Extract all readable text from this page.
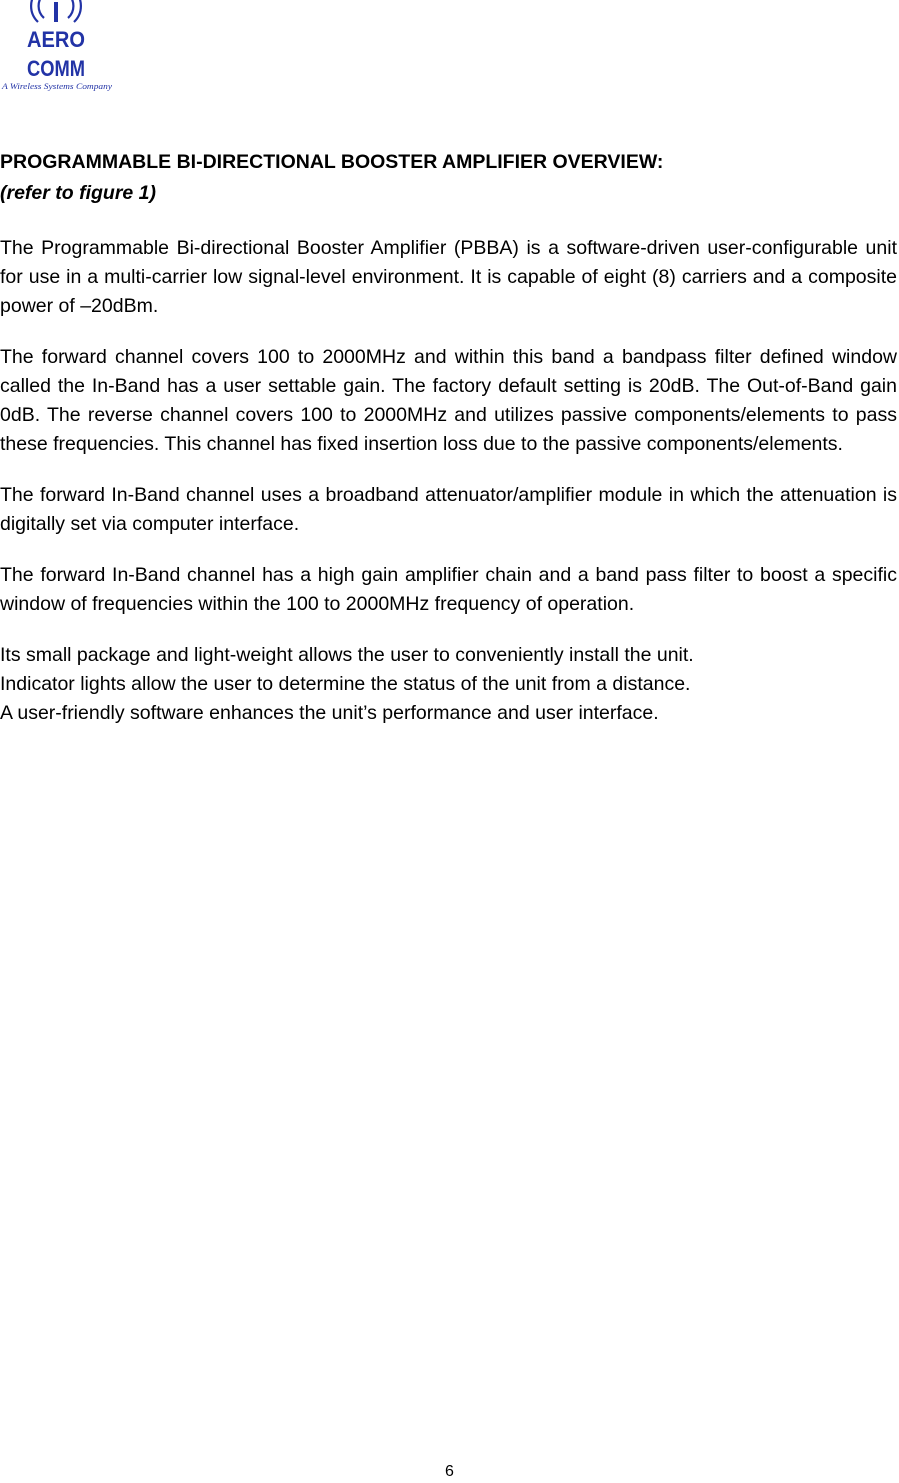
AERO
COMM
A Wireless Systems Company

PROGRAMMABLE BI-DIRECTIONAL BOOSTER AMPLIFIER OVERVIEW:

(refer to figure 1)

The Programmable Bi-directional Booster Amplifier (PBBA) is a software-driven user-configurable unit for use in a multi-carrier low signal-level environment. It is capable of eight (8) carriers and a composite power of –20dBm.

The forward channel covers 100 to 2000MHz and within this band a bandpass filter defined window called the In-Band has a user settable gain. The factory default setting is 20dB. The Out-of-Band gain 0dB. The reverse channel covers 100 to 2000MHz and utilizes passive components/elements to pass these frequencies. This channel has fixed insertion loss due to the passive components/elements.

The forward In-Band channel uses a broadband attenuator/amplifier module in which the attenuation is digitally set via computer interface.

The forward In-Band channel has a high gain amplifier chain and a band pass filter to boost a specific window of frequencies within the 100 to 2000MHz frequency of operation.

Its small package and light-weight allows the user to conveniently install the unit.
Indicator lights allow the user to determine the status of the unit from a distance.
A user-friendly software enhances the unit’s performance and user interface.
6
